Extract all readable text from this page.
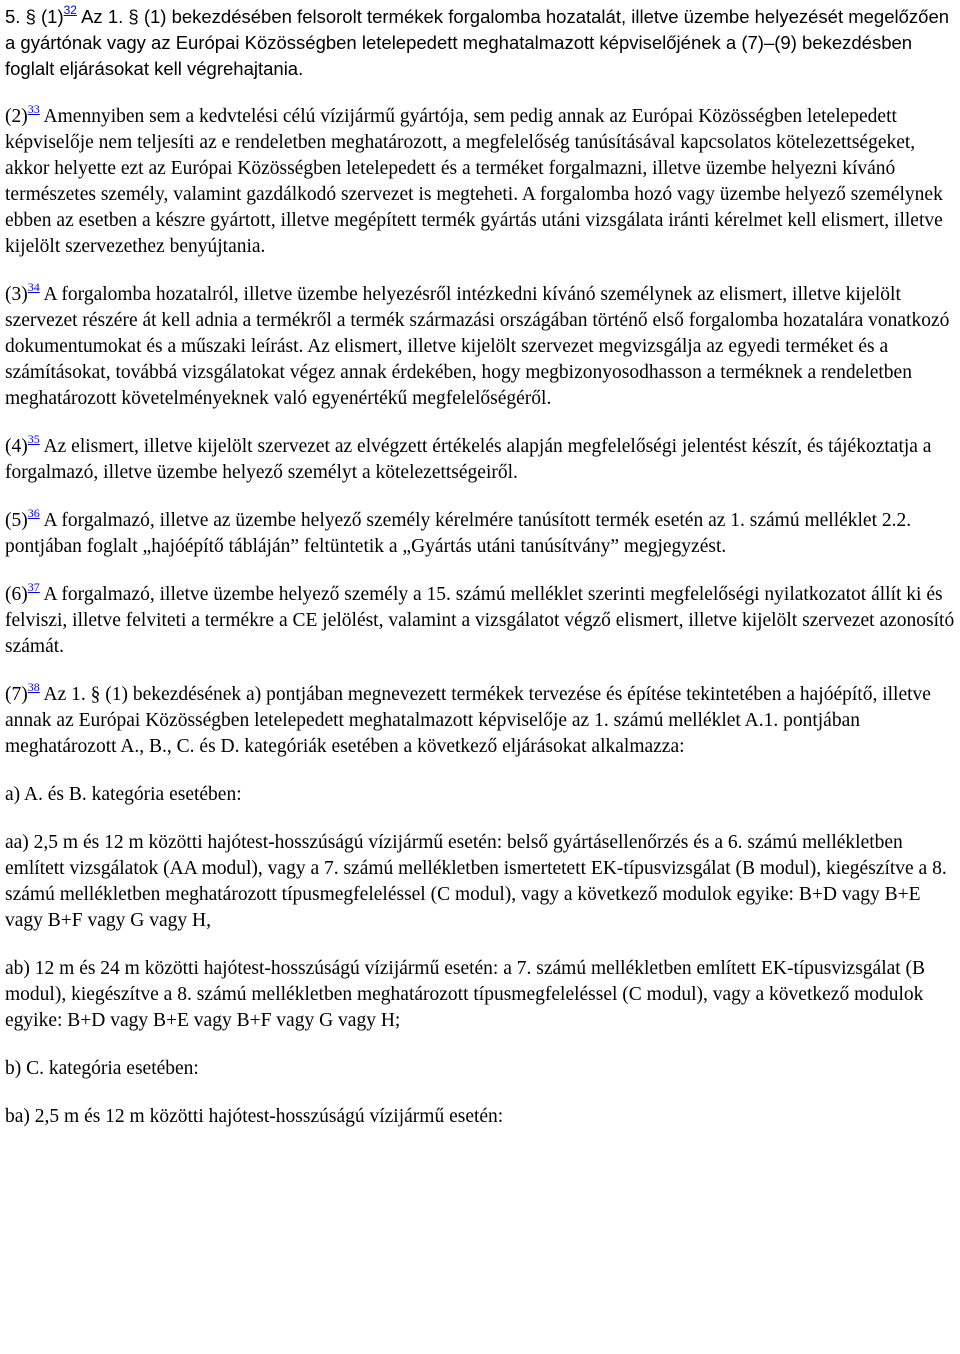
5. § (1)$^{32}$ Az 1. § (1) bekezdésében felsorolt termékek forgalomba hozatalát, illetve üzembe helyezését megelőzően a gyártónak vagy az Európai Közösségben letelepedett meghatalmazott képviselőjének a (7)–(9) bekezdésben foglalt eljárásokat kell végrehajtania.

(2)$^{33}$ Amennyiben sem a kedvtelési célú vízijármű gyártója, sem pedig annak az Európai Közösségben letelepedett képviselője nem teljesíti az e rendeletben meghatározott, a megfelelőség tanúsításával kapcsolatos kötelezettségeket, akkor helyette ezt az Európai Közösségben letelepedett és a terméket forgalmazni, illetve üzembe helyezni kívánó természetes személy, valamint gazdálkodó szervezet is megteheti. A forgalomba hozó vagy üzembe helyező személynek ebben az esetben a készre gyártott, illetve megépített termék gyártás utáni vizsgálata iránti kérelmet kell elismert, illetve kijelölt szervezethez benyújtania.

(3)$^{34}$ A forgalomba hozatalról, illetve üzembe helyezésről intézkedni kívánó személynek az elismert, illetve kijelölt szervezet részére át kell adnia a termékről a termék származási országában történő első forgalomba hozatalára vonatkozó dokumentumokat és a műszaki leírást. Az elismert, illetve kijelölt szervezet megvizsgálja az egyedi terméket és a számításokat, továbbá vizsgálatokat végez annak érdekében, hogy megbizonyosodhasson a terméknek a rendeletben meghatározott követelményeknek való egyenértékű megfelelőségéről.

(4)$^{35}$ Az elismert, illetve kijelölt szervezet az elvégzett értékelés alapján megfelelőségi jelentést készít, és tájékoztatja a forgalmazó, illetve üzembe helyező személyt a kötelezettségeiről.

(5)$^{36}$ A forgalmazó, illetve az üzembe helyező személy kérelmére tanúsított termék esetén az 1. számú melléklet 2.2. pontjában foglalt „hajóépítő tábláján” feltüntetik a „Gyártás utáni tanúsítvány” megjegyzést.

(6)$^{37}$ A forgalmazó, illetve üzembe helyező személy a 15. számú melléklet szerinti megfelelőségi nyilatkozatot állít ki és felviszi, illetve felviteti a termékre a CE jelölést, valamint a vizsgálatot végző elismert, illetve kijelölt szervezet azonosító számát.

(7)$^{38}$ Az 1. § (1) bekezdésének a) pontjában megnevezett termékek tervezése és építése tekintetében a hajóépítő, illetve annak az Európai Közösségben letelepedett meghatalmazott képviselője az 1. számú melléklet A.1. pontjában meghatározott A., B., C. és D. kategóriák esetében a következő eljárásokat alkalmazza:

a) A. és B. kategória esetében:

aa) 2,5 m és 12 m közötti hajótest-hosszúságú vízijármű esetén: belső gyártásellenőrzés és a 6. számú mellékletben említett vizsgálatok (AA modul), vagy a 7. számú mellékletben ismertetett EK-típusvizsgálat (B modul), kiegészítve a 8. számú mellékletben meghatározott típusmegfeleléssel (C modul), vagy a következő modulok egyike: B+D vagy B+E vagy B+F vagy G vagy H,

ab) 12 m és 24 m közötti hajótest-hosszúságú vízijármű esetén: a 7. számú mellékletben említett EK-típusvizsgálat (B modul), kiegészítve a 8. számú mellékletben meghatározott típusmegfeleléssel (C modul), vagy a következő modulok egyike: B+D vagy B+E vagy B+F vagy G vagy H;

b) C. kategória esetében:

ba) 2,5 m és 12 m közötti hajótest-hosszúságú vízijármű esetén:
